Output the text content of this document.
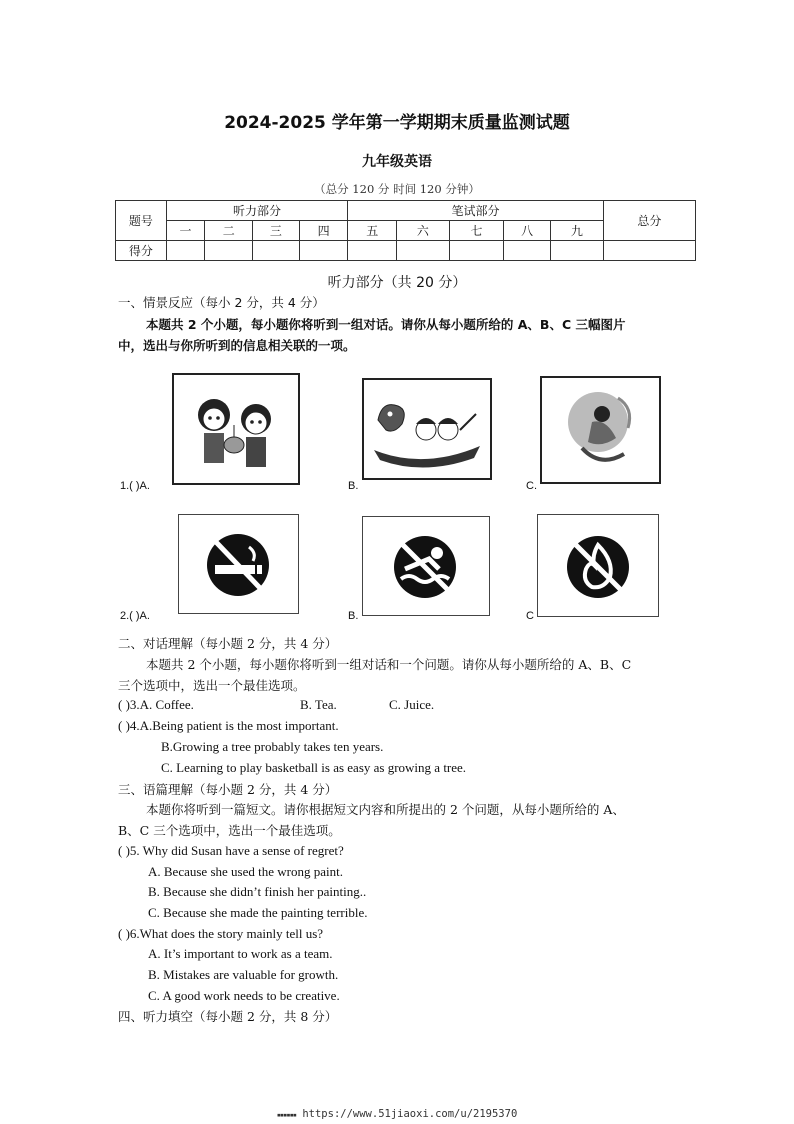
2024-2025 学年第一学期期末质量监测试题
九年级英语
（总分 120 分 时间 120 分钟）
题号	听力部分				笔试部分					总分
	一	二	三	四	五	六	七	八	九	
得分										
听力部分（共 20 分）
一、情景反应（每小 2 分，共 4 分）
本题共 2 个小题，每小题你将听到一组对话。请你从每小题所给的 A、B、C 三幅图片
中，选出与你所听到的信息相关联的一项。
1.( )A.	B.	C.
2.( )A.	B.	C
二、对话理解（每小题 2 分，共 4 分）
本题共 2 个小题，每小题你将听到一组对话和一个问题。请你从每小题所给的 A、B、C
三个选项中，选出一个最佳选项。
( )3.A. Coffee.	B. Tea.	C. Juice.
( )4.A.Being patient is the most important.
B.Growing a tree probably takes ten years.
C. Learning to play basketball is as easy as growing a tree.
三、语篇理解（每小题 2 分，共 4 分）
本题你将听到一篇短文。请你根据短文内容和所提出的 2 个问题，从每小题所给的 A、
B、C 三个选项中，选出一个最佳选项。
( )5. Why did Susan have a sense of regret?
A. Because she used the wrong paint.
B. Because she didn’t finish her painting..
C. Because she made the painting terrible.
( )6.What does the story mainly tell us?
A. It’s important to work as a team.
B. Mistakes are valuable for growth.
C. A good work needs to be creative.
四、听力填空（每小题 2 分，共 8 分）
▪▪▪▪▪▪ https://www.51jiaoxi.com/u/2195370
